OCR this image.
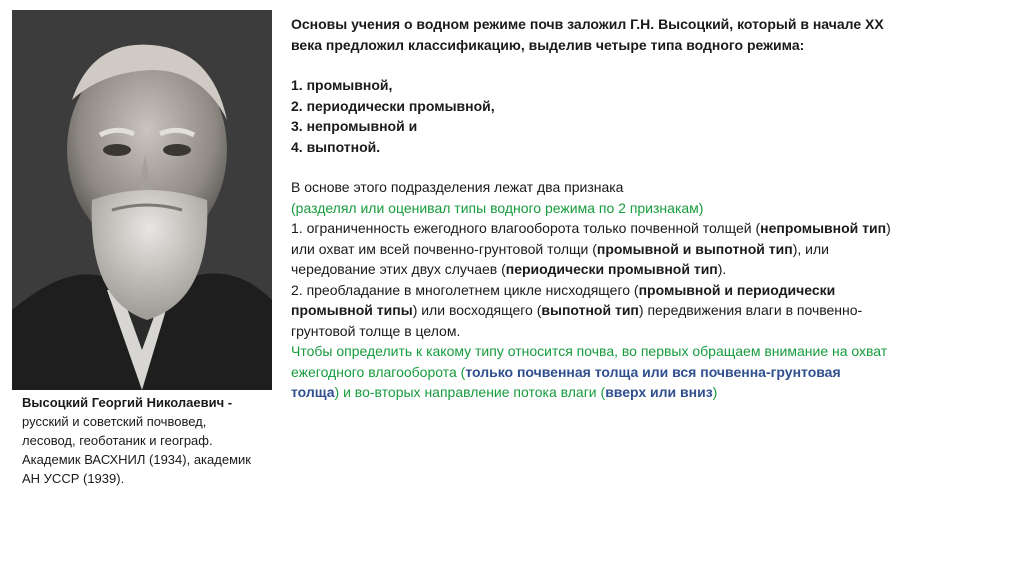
Высоцкий Георгий Николаевич -
русский и советский почвовед,
лесовод, геоботаник и географ.
Академик ВАСХНИЛ (1934), академик
АН УССР (1939).

Основы учения о водном режиме почв заложил Г.Н. Высоцкий, который в начале XX века предложил классификацию, выделив четыре типа водного режима:

1. промывной,

2. периодически промывной,

3. непромывной и

4. выпотной.

В основе этого подразделения лежат два признака

(разделял или оценивал типы водного режима по 2 признакам)

1. ограниченность ежегодного влагооборота только почвенной толщей (непромывной тип) или охват им всей почвенно-грунтовой толщи (промывной и выпотной тип), или чередование этих двух случаев (периодически промывной тип).

2. преобладание в многолетнем цикле нисходящего (промывной и периодически промывной типы) или восходящего (выпотной тип) передвижения влаги в почвенно-грунтовой толще в целом.

Чтобы определить к какому типу относится почва, во первых обращаем внимание на охват ежегодного влагооборота (только почвенная толща или вся почвенна-грунтовая толща) и во-вторых направление потока влаги (вверх или вниз)
